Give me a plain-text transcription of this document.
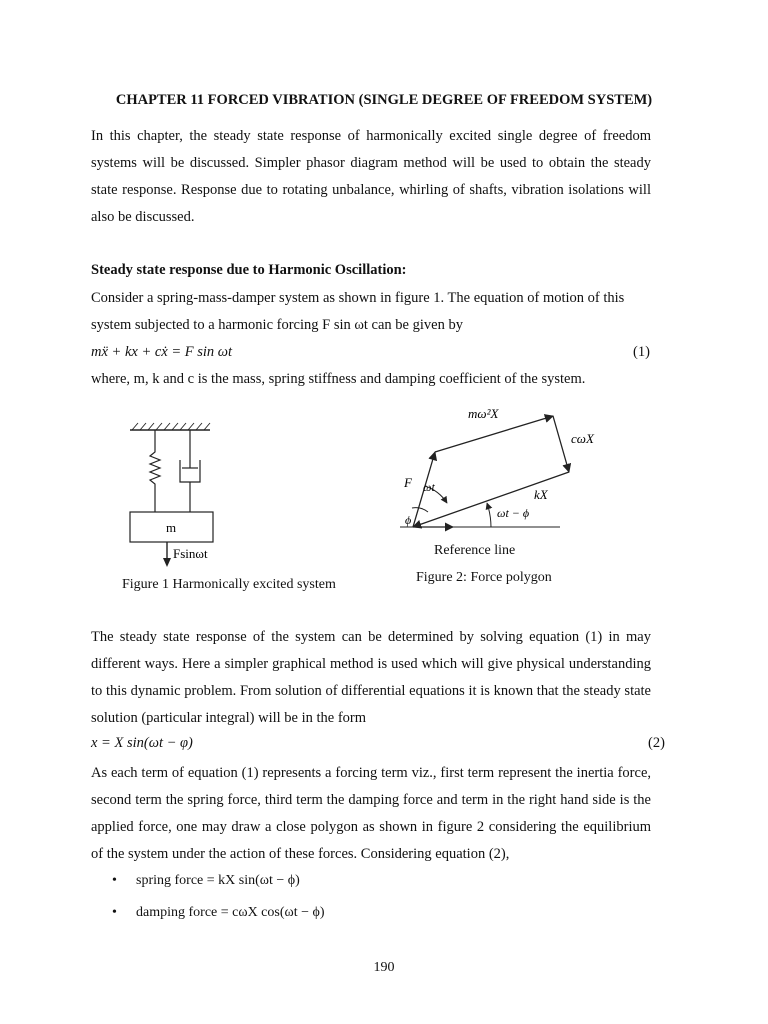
CHAPTER 11 FORCED VIBRATION (SINGLE DEGREE OF FREEDOM SYSTEM)
In this chapter, the steady state response of harmonically excited single degree of freedom systems will be discussed. Simpler phasor diagram method will be used to obtain the steady state response. Response due to rotating unbalance, whirling of shafts, vibration isolations will also be discussed.
Steady state response due to Harmonic Oscillation:
Consider a spring-mass-damper system as shown in figure 1. The equation of motion of this
system subjected to a harmonic forcing F sin ωt can be given by
mẍ + kx + cẋ = F sin ωt	(1)
where, m, k and c is the mass, spring stiffness and damping coefficient of the system.
m
Fsinωt
Figure 1 Harmonically excited system
mω²X
cωX
F ωt	kX
ωt − ϕ
ϕ
Reference line
Figure 2: Force polygon
The steady state response of the system can be determined by solving equation (1) in may different ways. Here a simpler graphical method is used which will give physical understanding to this dynamic problem. From solution of differential equations it is known that the steady state solution (particular integral) will be in the form
x = X sin(ωt − φ)	(2)
As each term of equation (1) represents a forcing term viz., first term represent the inertia force, second term the spring force, third term the damping force and term in the right hand side is the applied force, one may draw a close polygon as shown in figure 2 considering the equilibrium of the system under the action of these forces. Considering equation (2),
• spring force = kX sin(ωt − ϕ)
• damping force = cωX cos(ωt − ϕ)
190
